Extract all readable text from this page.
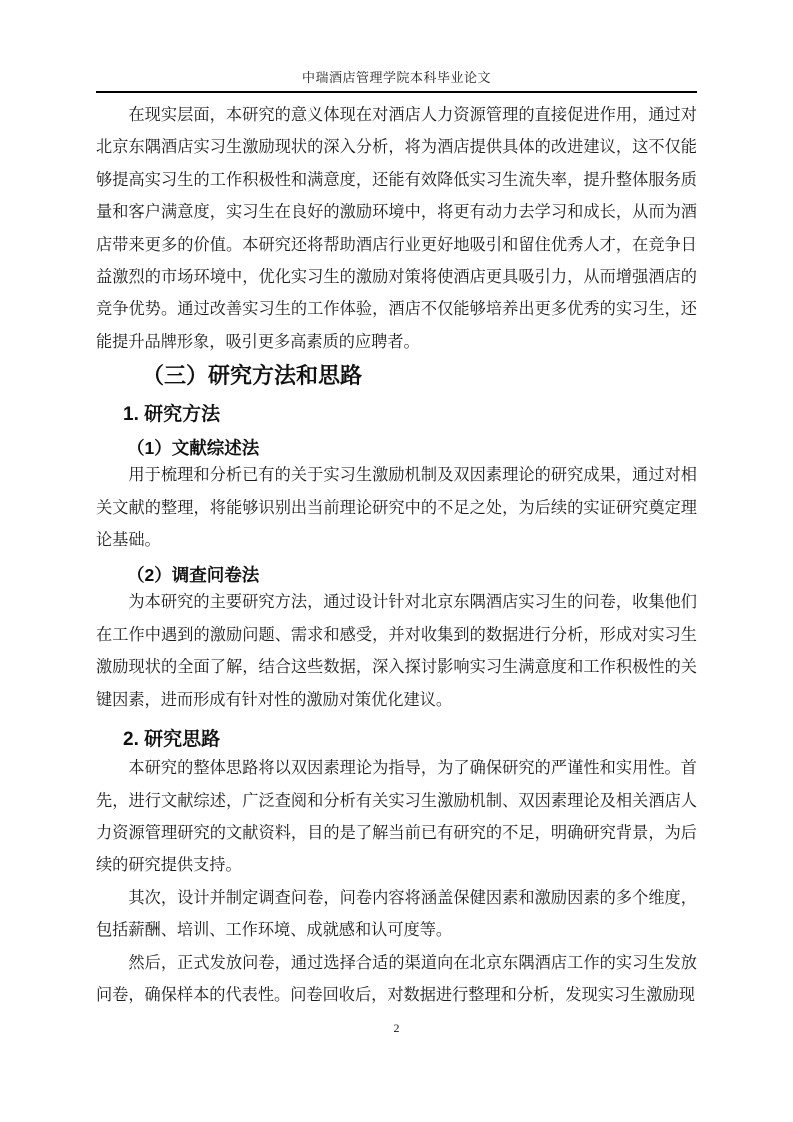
中瑞酒店管理学院本科毕业论文

在现实层面，本研究的意义体现在对酒店人力资源管理的直接促进作用，通过对北京东隅酒店实习生激励现状的深入分析，将为酒店提供具体的改进建议，这不仅能够提高实习生的工作积极性和满意度，还能有效降低实习生流失率，提升整体服务质量和客户满意度，实习生在良好的激励环境中，将更有动力去学习和成长，从而为酒店带来更多的价值。本研究还将帮助酒店行业更好地吸引和留住优秀人才，在竞争日益激烈的市场环境中，优化实习生的激励对策将使酒店更具吸引力，从而增强酒店的竞争优势。通过改善实习生的工作体验，酒店不仅能够培养出更多优秀的实习生，还能提升品牌形象，吸引更多高素质的应聘者。

（三）研究方法和思路
1. 研究方法
（1）文献综述法

用于梳理和分析已有的关于实习生激励机制及双因素理论的研究成果，通过对相关文献的整理，将能够识别出当前理论研究中的不足之处，为后续的实证研究奠定理论基础。

（2）调查问卷法

为本研究的主要研究方法，通过设计针对北京东隅酒店实习生的问卷，收集他们在工作中遇到的激励问题、需求和感受，并对收集到的数据进行分析，形成对实习生激励现状的全面了解，结合这些数据，深入探讨影响实习生满意度和工作积极性的关键因素，进而形成有针对性的激励对策优化建议。

2. 研究思路

本研究的整体思路将以双因素理论为指导，为了确保研究的严谨性和实用性。首先，进行文献综述，广泛查阅和分析有关实习生激励机制、双因素理论及相关酒店人力资源管理研究的文献资料，目的是了解当前已有研究的不足，明确研究背景，为后续的研究提供支持。

其次，设计并制定调查问卷，问卷内容将涵盖保健因素和激励因素的多个维度，包括薪酬、培训、工作环境、成就感和认可度等。

然后，正式发放问卷，通过选择合适的渠道向在北京东隅酒店工作的实习生发放问卷，确保样本的代表性。问卷回收后，对数据进行整理和分析，发现实习生激励现

2
